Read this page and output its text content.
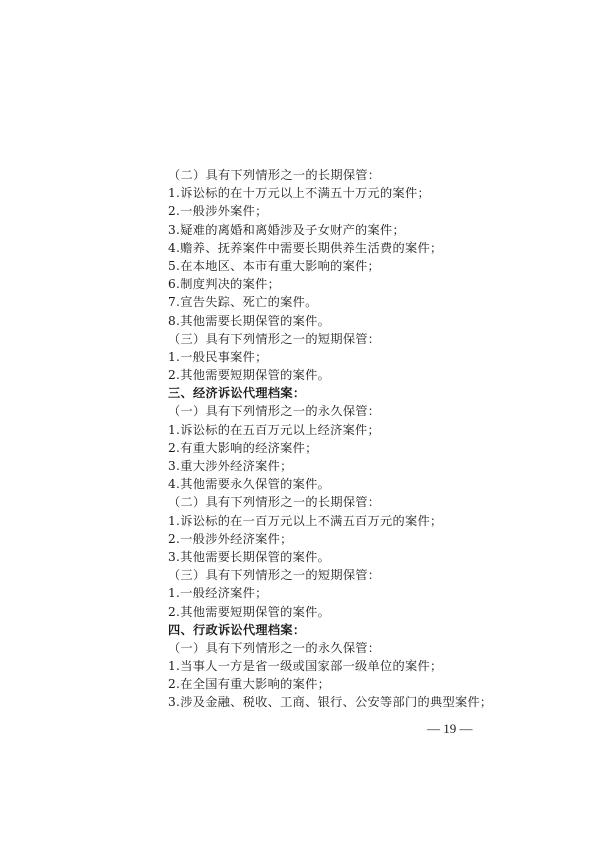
（二）具有下列情形之一的长期保管：
1.诉讼标的在十万元以上不满五十万元的案件；
2.一般涉外案件；
3.疑难的离婚和离婚涉及子女财产的案件；
4.赡养、抚养案件中需要长期供养生活费的案件；
5.在本地区、本市有重大影响的案件；
6.制度判决的案件；
7.宣告失踪、死亡的案件。
8.其他需要长期保管的案件。
（三）具有下列情形之一的短期保管：
1.一般民事案件；
2.其他需要短期保管的案件。
三、经济诉讼代理档案：
（一）具有下列情形之一的永久保管：
1.诉讼标的在五百万元以上经济案件；
2.有重大影响的经济案件；
3.重大涉外经济案件；
4.其他需要永久保管的案件。
（二）具有下列情形之一的长期保管：
1.诉讼标的在一百万元以上不满五百万元的案件；
2.一般涉外经济案件；
3.其他需要长期保管的案件。
（三）具有下列情形之一的短期保管：
1.一般经济案件；
2.其他需要短期保管的案件。
四、行政诉讼代理档案：
（一）具有下列情形之一的永久保管：
1.当事人一方是省一级或国家部一级单位的案件；
2.在全国有重大影响的案件；
3.涉及金融、税收、工商、银行、公安等部门的典型案件；
— 19 —
